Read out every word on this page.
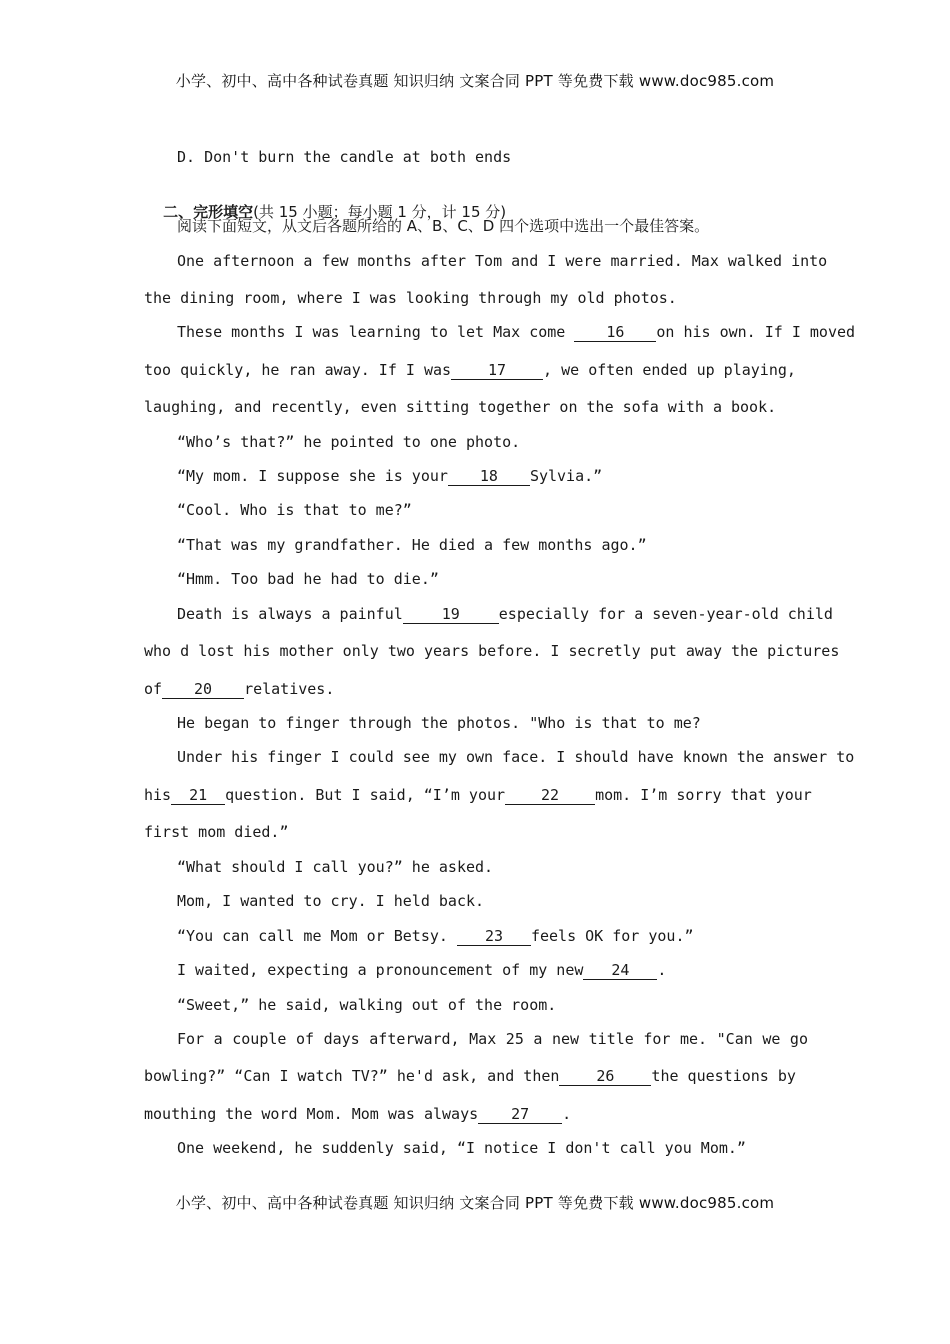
小学、初中、高中各种试卷真题 知识归纳 文案合同 PPT 等免费下载 www.doc985.com
D. Don't burn the candle at both ends

二、完形填空(共 15 小题；每小题 1 分，计 15 分)

阅读下面短文，从文后各题所给的 A、B、C、D 四个选项中选出一个最佳答案。
One afternoon a few months after Tom and I were married. Max walked into
the dining room, where I was looking through my old photos.
These months I was learning to let Max come 16 on his own. If I moved
too quickly, he ran away. If I was 17 , we often ended up playing,
laughing, and recently, even sitting together on the sofa with a book.
“Who’s that?” he pointed to one photo.
“My mom. I suppose she is your 18 Sylvia.”
“Cool. Who is that to me?”
“That was my grandfather. He died a few months ago.”
“Hmm. Too bad he had to die.”
Death is always a painful	19	especially for a seven-year-old child
who d lost his mother only two years before. I secretly put away the pictures
of 20 relatives.
He began to finger through the photos. "Who is that to me?
Under his finger I could see my own face. I should have known the answer to
his 21 question. But I said, “I’m your 22 mom. I’m sorry that your
first mom died.”
“What should I call you?” he asked.
Mom, I wanted to cry. I held back.
“You can call me Mom or Betsy. 23 feels OK for you.”
I waited, expecting a pronouncement of my new 24 .
“Sweet,” he said, walking out of the room.
For a couple of days afterward, Max 25 a new title for me. "Can we go
bowling?” “Can I watch TV?” he'd ask, and then 26 the questions by
mouthing the word Mom. Mom was always 27 .
One weekend, he suddenly said, “I notice I don't call you Mom.”
小学、初中、高中各种试卷真题 知识归纳 文案合同 PPT 等免费下载 www.doc985.com
